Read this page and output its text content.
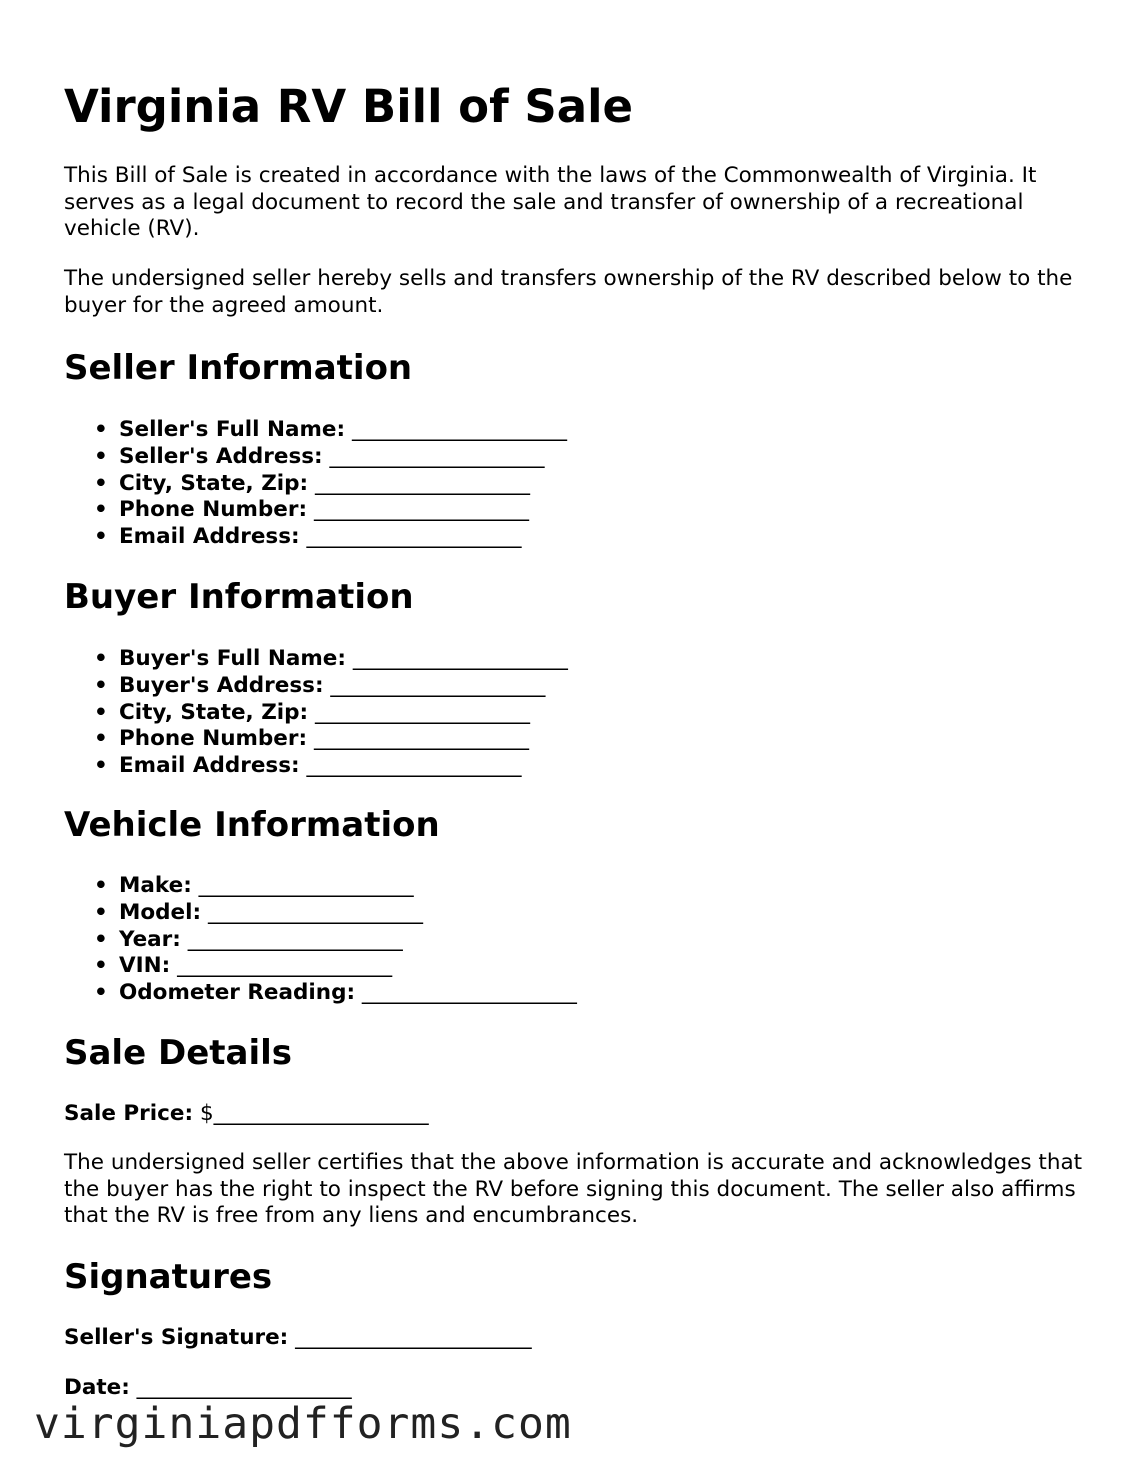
Virginia RV Bill of Sale

This Bill of Sale is created in accordance with the laws of the Commonwealth of Virginia. It serves as a legal document to record the sale and transfer of ownership of a recreational vehicle (RV).

The undersigned seller hereby sells and transfers ownership of the RV described below to the buyer for the agreed amount.

Seller Information
• Seller's Full Name: ____________________
• Seller's Address: ____________________
• City, State, Zip: ____________________
• Phone Number: ____________________
• Email Address: ____________________
Buyer Information
• Buyer's Full Name: ____________________
• Buyer's Address: ____________________
• City, State, Zip: ____________________
• Phone Number: ____________________
• Email Address: ____________________
Vehicle Information
• Make: ____________________
• Model: ____________________
• Year: ____________________
• VIN: ____________________
• Odometer Reading: ____________________
Sale Details
Sale Price: $____________________

The undersigned seller certifies that the above information is accurate and acknowledges that the buyer has the right to inspect the RV before signing this document. The seller also affirms that the RV is free from any liens and encumbrances.

Signatures
Seller's Signature: ______________________
Date: ____________________
virginiapdfforms.com
